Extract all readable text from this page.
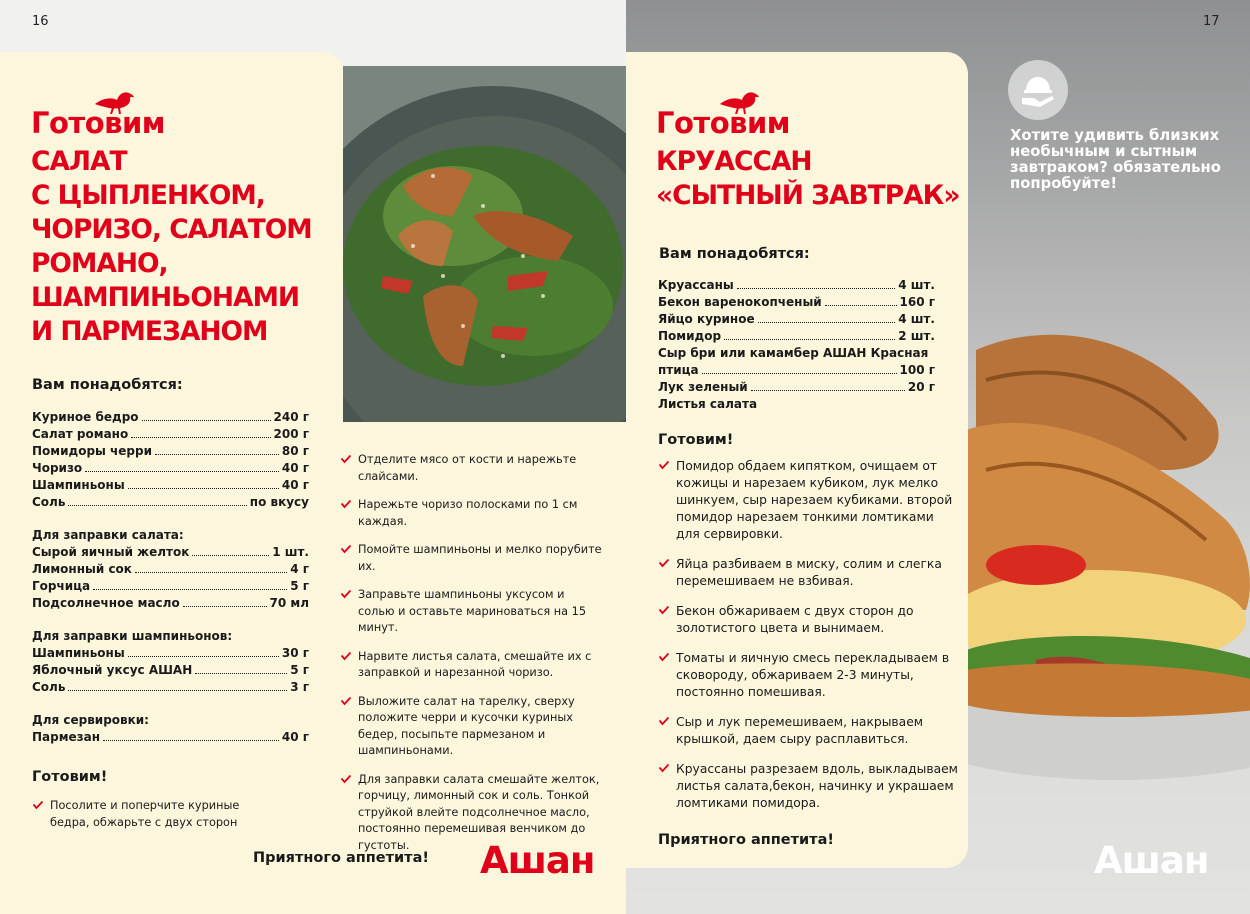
16
Готовим
САЛАТ
С ЦЫПЛЕНКОМ,
ЧОРИЗО, САЛАТОМ
РОМАНО,
ШАМПИНЬОНАМИ
И ПАРМЕЗАНОМ
Вам понадобятся:
Куриное бедро	240 г
Салат романо	200 г
Помидоры черри	80 г
Чоризо	40 г
Шампиньоны	40 г
Соль	по вкусу
Для заправки салата:
Сырой яичный желток	1 шт.
Лимонный сок	4 г
Горчица	5 г
Подсолнечное масло	70 мл
Для заправки шампиньонов:
Шампиньоны	30 г
Яблочный уксус АШАН	5 г
Соль	3 г
Для сервировки:
Пармезан	40 г
Готовим!
Посолите и поперчите куриные бедра, обжарьте с двух сторон
Отделите мясо от кости и нарежьте слайсами.
Нарежьте чоризо полосками по 1 см каждая.
Помойте шампиньоны и мелко порубите их.
Заправьте шампиньоны уксусом и солью и оставьте мариноваться на 15 минут.
Нарвите листья салата, смешайте их с заправкой и нарезанной чоризо.
Выложите салат на тарелку, сверху положите черри и кусочки куриных бедер, посыпьте пармезаном и шампиньонами.
Для заправки салата смешайте желток, горчицу, лимонный сок и соль. Тонкой струйкой влейте подсолнечное масло, постоянно перемешивая венчиком до густоты.
Приятного аппетита! Ашан
17
Готовим
КРУАССАН
«СЫТНЫЙ ЗАВТРАК»
Вам понадобятся:
Круассаны	4 шт.
Бекон варенокопченый	160 г
Яйцо куриное	4 шт.
Помидор	2 шт.
Сыр бри или камамбер АШАН Красная
птица	100 г
Лук зеленый	20 г
Листья салата
Готовим!
Помидор обдаем кипятком, очищаем от кожицы и нарезаем кубиком, лук мелко шинкуем, сыр нарезаем кубиками. второй помидор нарезаем тонкими ломтиками для сервировки.
Яйца разбиваем в миску, солим и слегка перемешиваем не взбивая.
Бекон обжариваем с двух сторон до золотистого цвета и вынимаем.
Томаты и яичную смесь перекладываем в сковороду, обжариваем 2-3 минуты, постоянно помешивая.
Сыр и лук перемешиваем, накрываем крышкой, даем сыру расплавиться.
Круассаны разрезаем вдоль, выкладываем листья салата,бекон, начинку и украшаем ломтиками помидора.
Приятного аппетита!
Хотите удивить близких необычным и сытным завтраком? обязательно попробуйте!
Ашан
